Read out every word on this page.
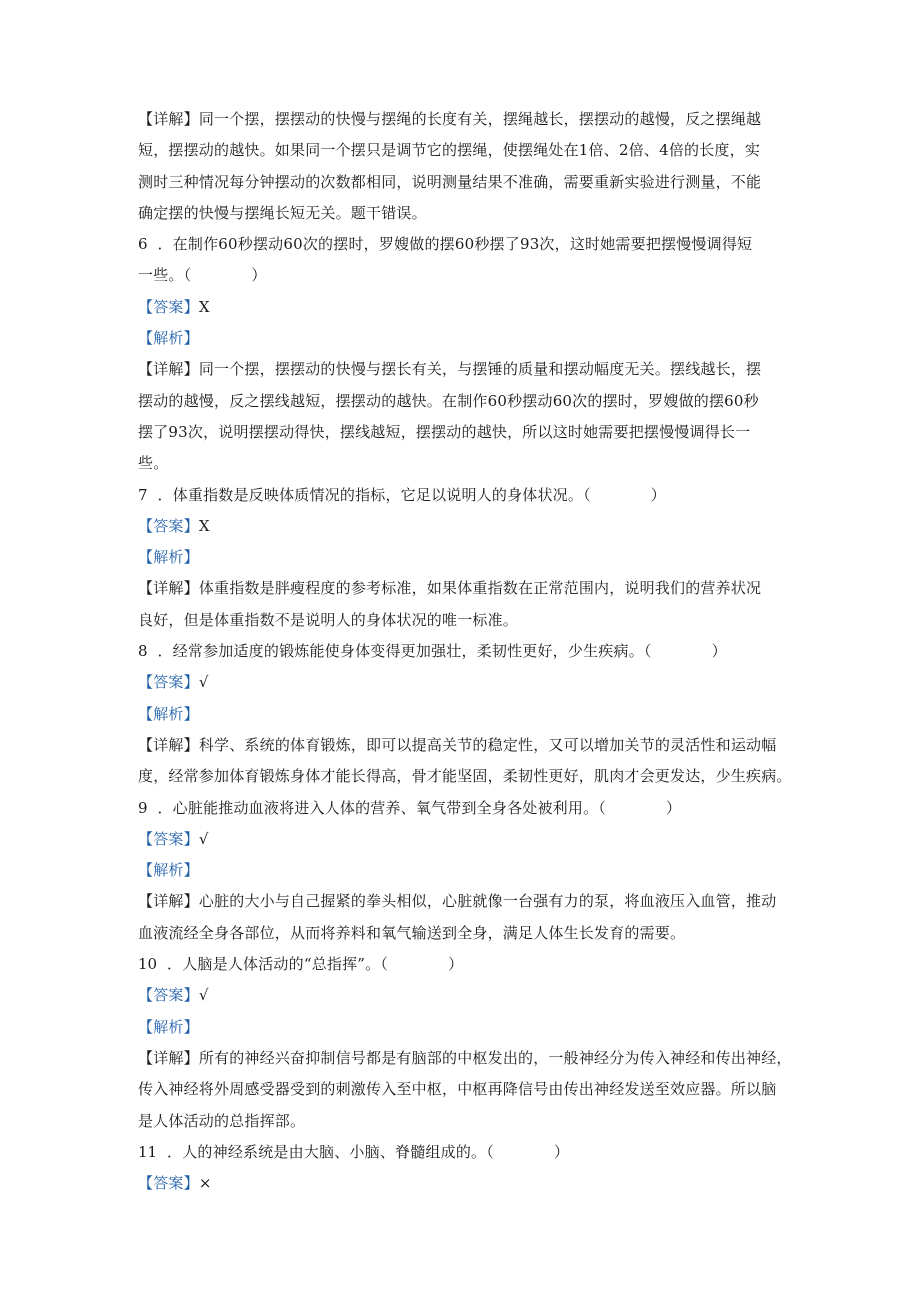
【详解】同一个摆，摆摆动的快慢与摆绳的长度有关，摆绳越长，摆摆动的越慢，反之摆绳越
短，摆摆动的越快。如果同一个摆只是调节它的摆绳，使摆绳处在1倍、2倍、4倍的长度，实
测时三种情况每分钟摆动的次数都相同，说明测量结果不准确，需要重新实验进行测量，不能
确定摆的快慢与摆绳长短无关。题干错误。
6 ．在制作60秒摆动60次的摆时，罗嫂做的摆60秒摆了93次，这时她需要把摆慢慢调得短
一些。（	）
【答案】X
【解析】
【详解】同一个摆，摆摆动的快慢与摆长有关，与摆锤的质量和摆动幅度无关。摆线越长，摆
摆动的越慢，反之摆线越短，摆摆动的越快。在制作60秒摆动60次的摆时，罗嫂做的摆60秒
摆了93次，说明摆摆动得快，摆线越短，摆摆动的越快，所以这时她需要把摆慢慢调得长一
些。
7 ．体重指数是反映体质情况的指标，它足以说明人的身体状况。（	）
【答案】X
【解析】
【详解】体重指数是胖瘦程度的参考标准，如果体重指数在正常范围内，说明我们的营养状况
良好，但是体重指数不是说明人的身体状况的唯一标准。
8 ．经常参加适度的锻炼能使身体变得更加强壮，柔韧性更好，少生疾病。（	）
【答案】√
【解析】
【详解】科学、系统的体育锻炼，即可以提高关节的稳定性，又可以增加关节的灵活性和运动幅
度，经常参加体育锻炼身体才能长得高，骨才能坚固，柔韧性更好，肌肉才会更发达，少生疾病。
9 ．心脏能推动血液将进入人体的营养、氧气带到全身各处被利用。（	）
【答案】√
【解析】
【详解】心脏的大小与自己握紧的拳头相似，心脏就像一台强有力的泵，将血液压入血管，推动
血液流经全身各部位，从而将养料和氧气输送到全身，满足人体生长发育的需要。
10 ．人脑是人体活动的“总指挥”。（	）
【答案】√
【解析】
【详解】所有的神经兴奋抑制信号都是有脑部的中枢发出的，一般神经分为传入神经和传出神经，
传入神经将外周感受器受到的刺激传入至中枢，中枢再降信号由传出神经发送至效应器。所以脑
是人体活动的总指挥部。
11 ．人的神经系统是由大脑、小脑、脊髓组成的。（	）
【答案】×
